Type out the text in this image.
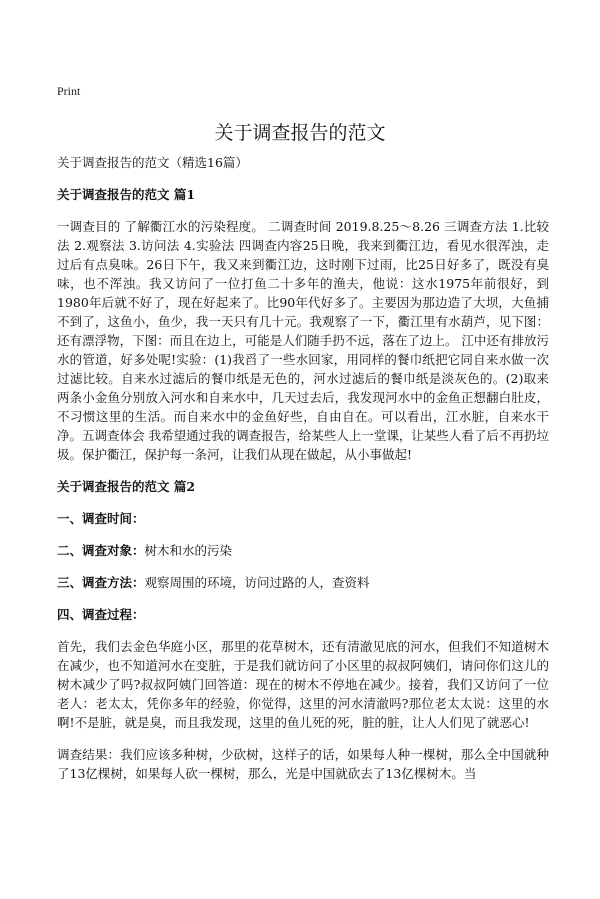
Print
关于调查报告的范文

关于调查报告的范文（精选16篇）

关于调查报告的范文 篇1

一调查目的 了解衢江水的污染程度。 二调查时间 2019.8.25～8.26 三调查方法 1.比较法 2.观察法 3.访问法 4.实验法 四调查内容25日晚，我来到衢江边，看见水很浑浊，走过后有点臭味。26日下午，我又来到衢江边，这时刚下过雨，比25日好多了，既没有臭味，也不浑浊。我又访问了一位打鱼二十多年的渔夫，他说：这水1975年前很好，到1980年后就不好了，现在好起来了。比90年代好多了。主要因为那边造了大坝，大鱼捕不到了，这鱼小，鱼少，我一天只有几十元。我观察了一下，衢江里有水葫芦，见下图： 还有漂浮物，下图：而且在边上，可能是人们随手扔不远，落在了边上。 江中还有排放污水的管道，好多处呢!实验：(1)我舀了一些水回家，用同样的餐巾纸把它同自来水做一次过滤比较。自来水过滤后的餐巾纸是无色的，河水过滤后的餐巾纸是淡灰色的。(2)取来两条小金鱼分别放入河水和自来水中，几天过去后，我发现河水中的金鱼正想翻白肚皮，不习惯这里的生活。而自来水中的金鱼好些，自由自在。可以看出，江水脏，自来水干净。五调查体会 我希望通过我的调查报告，给某些人上一堂课，让某些人看了后不再扔垃圾。保护衢江，保护每一条河，让我们从现在做起，从小事做起!

关于调查报告的范文 篇2

一、调查时间：

二、调查对象：树木和水的污染

三、调查方法：观察周围的环境，访问过路的人，查资料

四、调查过程：

首先，我们去金色华庭小区，那里的花草树木，还有清澈见底的河水，但我们不知道树木在减少，也不知道河水在变脏，于是我们就访问了小区里的叔叔阿姨们，请问你们这儿的树木减少了吗?叔叔阿姨门回答道：现在的树木不停地在减少。接着，我们又访问了一位老人：老太太，凭你多年的经验，你觉得，这里的河水清澈吗?那位老太太说：这里的水啊!不是脏，就是臭，而且我发现，这里的鱼儿死的死，脏的脏，让人人们见了就恶心!

调查结果：我们应该多种树，少砍树，这样子的话，如果每人种一棵树，那么全中国就种了13亿棵树，如果每人砍一棵树，那么，光是中国就砍去了13亿棵树木。当
